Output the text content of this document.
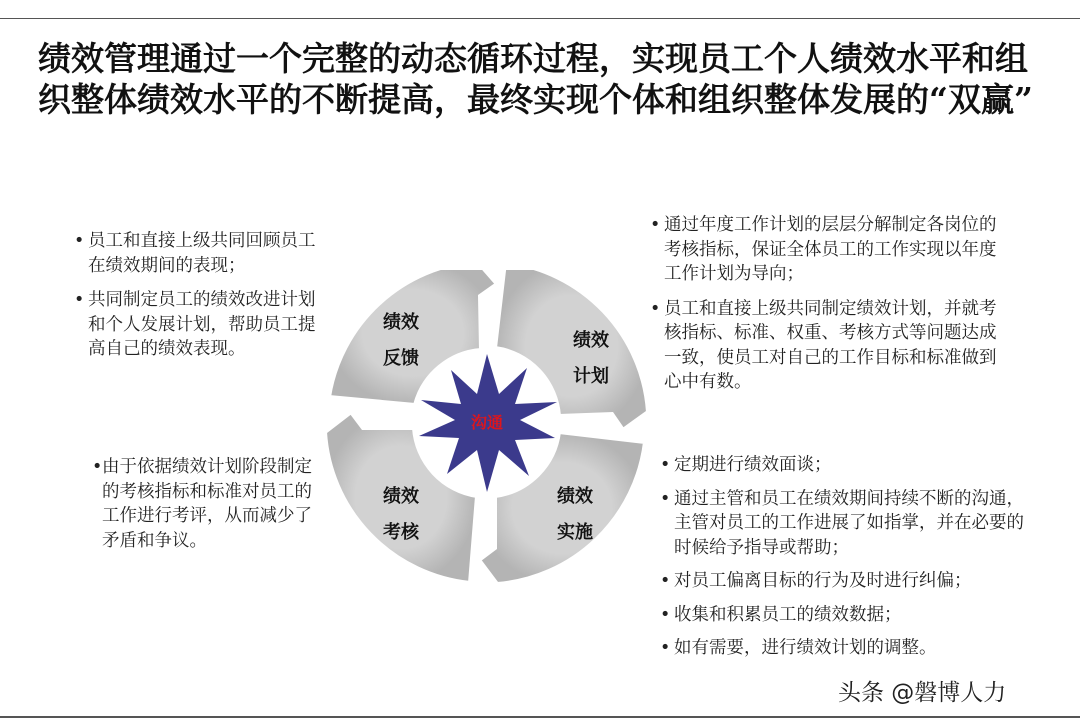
绩效管理通过一个完整的动态循环过程，实现员工个人绩效水平和组织整体绩效水平的不断提高，最终实现个体和组织整体发展的“双赢”
• 员工和直接上级共同回顾员工在绩效期间的表现；
• 共同制定员工的绩效改进计划和个人发展计划，帮助员工提高自己的绩效表现。
• 由于依据绩效计划阶段制定的考核指标和标准对员工的工作进行考评，从而减少了矛盾和争议。
• 通过年度工作计划的层层分解制定各岗位的考核指标，保证全体员工的工作实现以年度工作计划为导向；
• 员工和直接上级共同制定绩效计划，并就考核指标、标准、权重、考核方式等问题达成一致，使员工对自己的工作目标和标准做到心中有数。
• 定期进行绩效面谈；
• 通过主管和员工在绩效期间持续不断的沟通，主管对员工的工作进展了如指掌，并在必要的时候给予指导或帮助；
• 对员工偏离目标的行为及时进行纠偏；
• 收集和积累员工的绩效数据；
• 如有需要，进行绩效计划的调整。
沟通
绩效
反馈
绩效
计划
绩效
实施
绩效
考核
头条 @磐博人力
